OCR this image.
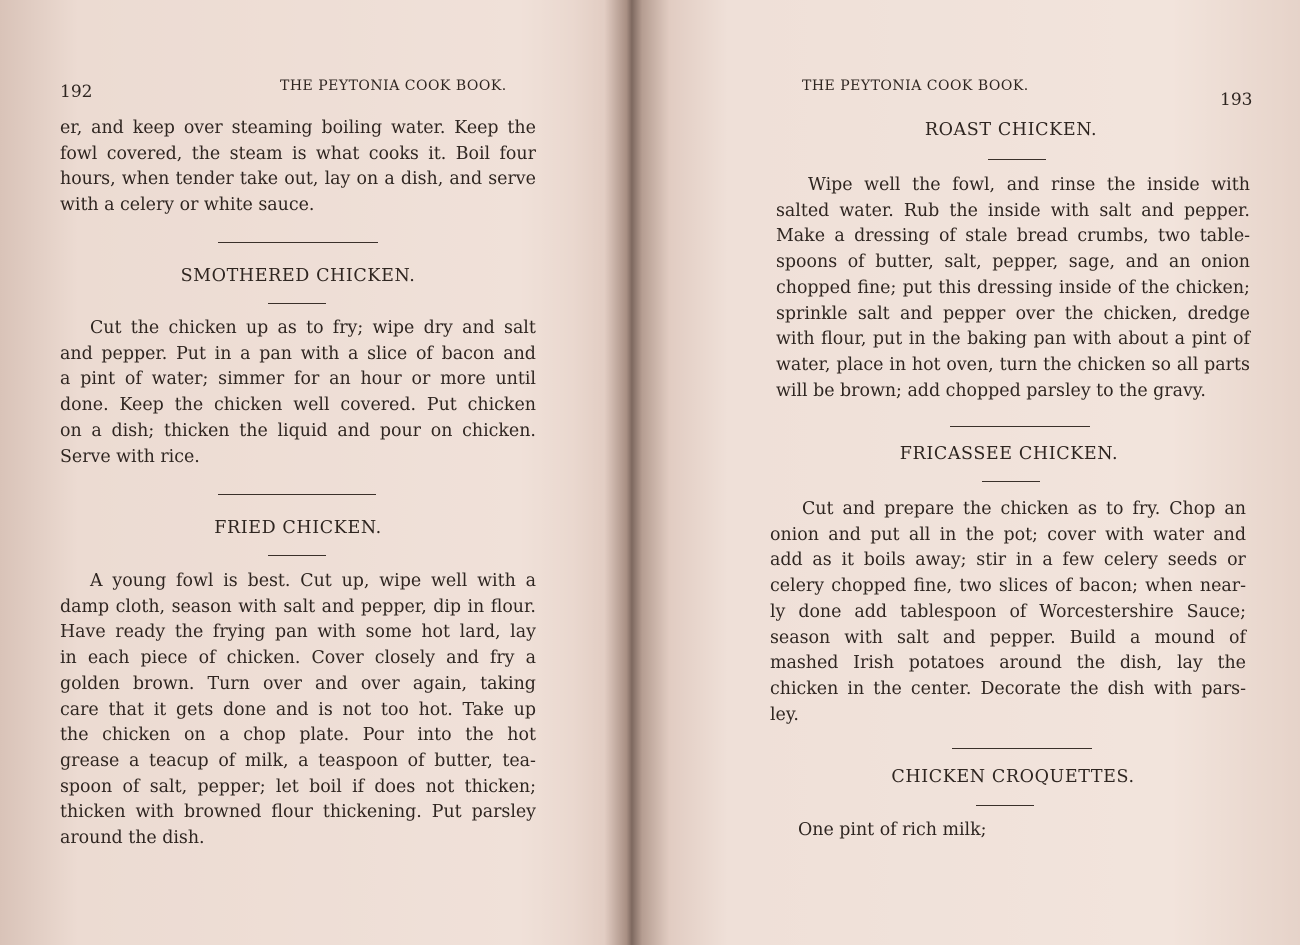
192	THE PEYTONIA COOK BOOK.
er, and keep over steaming boiling water. Keep the
fowl covered, the steam is what cooks it. Boil four
hours, when tender take out, lay on a dish, and serve
with a celery or white sauce.
SMOTHERED CHICKEN.
Cut the chicken up as to fry; wipe dry and salt
and pepper. Put in a pan with a slice of bacon and
a pint of water; simmer for an hour or more until
done. Keep the chicken well covered. Put chicken
on a dish; thicken the liquid and pour on chicken.
Serve with rice.
FRIED CHICKEN.
A young fowl is best. Cut up, wipe well with a
damp cloth, season with salt and pepper, dip in flour.
Have ready the frying pan with some hot lard, lay
in each piece of chicken. Cover closely and fry a
golden brown. Turn over and over again, taking
care that it gets done and is not too hot. Take up
the chicken on a chop plate. Pour into the hot
grease a teacup of milk, a teaspoon of butter, tea-
spoon of salt, pepper; let boil if does not thicken;
thicken with browned flour thickening. Put parsley
around the dish.
THE PEYTONIA COOK BOOK.
193
ROAST CHICKEN.
Wipe well the fowl, and rinse the inside with
salted water. Rub the inside with salt and pepper.
Make a dressing of stale bread crumbs, two table-
spoons of butter, salt, pepper, sage, and an onion
chopped fine; put this dressing inside of the chicken;
sprinkle salt and pepper over the chicken, dredge
with flour, put in the baking pan with about a pint of
water, place in hot oven, turn the chicken so all parts
will be brown; add chopped parsley to the gravy.
FRICASSEE CHICKEN.
Cut and prepare the chicken as to fry. Chop an
onion and put all in the pot; cover with water and
add as it boils away; stir in a few celery seeds or
celery chopped fine, two slices of bacon; when near-
ly done add tablespoon of Worcestershire Sauce;
season with salt and pepper. Build a mound of
mashed Irish potatoes around the dish, lay the
chicken in the center. Decorate the dish with pars-
ley.
CHICKEN CROQUETTES.
One pint of rich milk;
